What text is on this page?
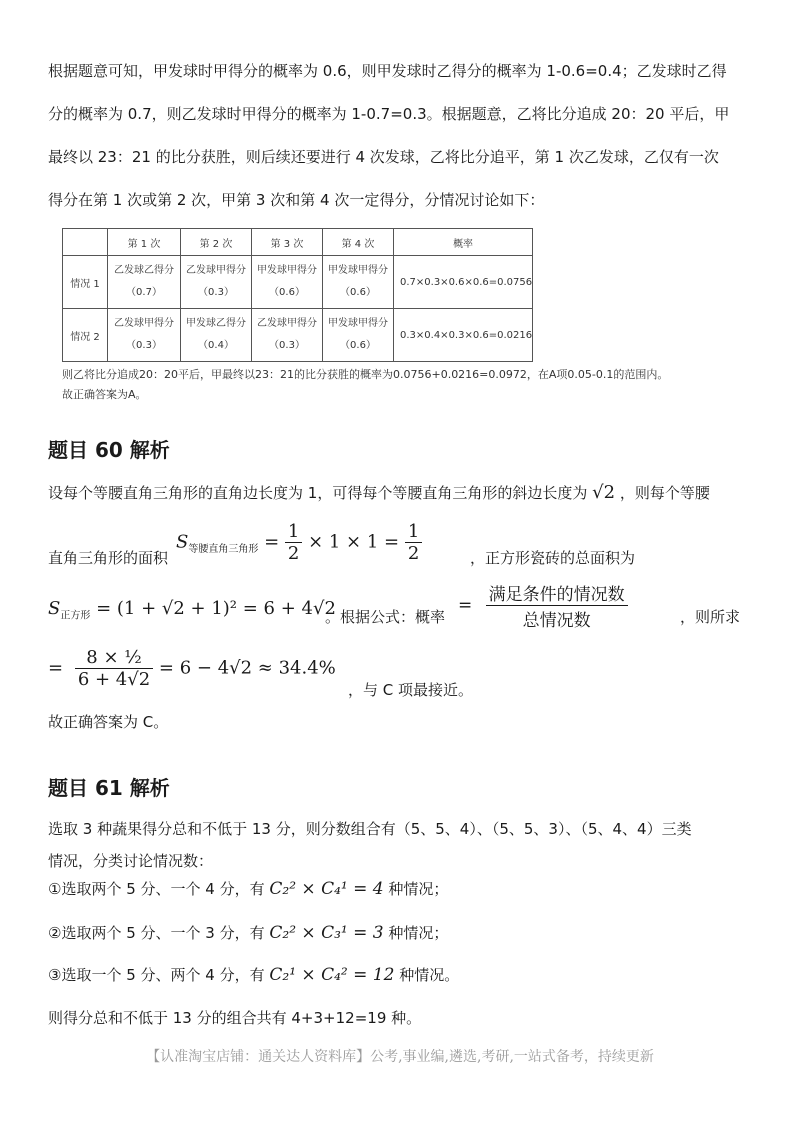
根据题意可知，甲发球时甲得分的概率为 0.6，则甲发球时乙得分的概率为 1-0.6=0.4；乙发球时乙得
分的概率为 0.7，则乙发球时甲得分的概率为 1-0.7=0.3。根据题意，乙将比分追成 20：20 平后，甲
最终以 23：21 的比分获胜，则后续还要进行 4 次发球，乙将比分追平，第 1 次乙发球，乙仅有一次
得分在第 1 次或第 2 次，甲第 3 次和第 4 次一定得分，分情况讨论如下：
	第 1 次	第 2 次	第 3 次	第 4 次	概率
情况 1	乙发球乙得分
（0.7）	乙发球甲得分
（0.3）	甲发球甲得分
（0.6）	甲发球甲得分
（0.6）	0.7×0.3×0.6×0.6=0.0756
情况 2	乙发球甲得分
（0.3）	甲发球乙得分
（0.4）	乙发球甲得分
（0.3）	甲发球甲得分
（0.6）	0.3×0.4×0.3×0.6=0.0216
则乙将比分追成20：20平后，甲最终以23：21的比分获胜的概率为0.0756+0.0216=0.0972，在A项0.05-0.1的范围内。
故正确答案为A。
题目 60 解析
设每个等腰直角三角形的直角边长度为 1，可得每个等腰直角三角形的斜边长度为 √2 ，则每个等腰
直角三角形的面积
$S_{等腰直角三角形} = \frac{1}{2} \times 1 \times 1 = \frac{1}{2}$	，正方形瓷砖的总面积为
$S_{正方形} = (1 + √2 + 1)^2 = 6 + 4√2$
。根据公式：概率
= $\frac{\text{满足条件的情况数}}{\text{总情况数}}$	，则所求
= $\frac{\text{8 × ½}}{6 + 4√2} = 6 - 4√2 \approx 34.4\%$
，与 C 项最接近。
故正确答案为 C。
题目 61 解析
选取 3 种蔬果得分总和不低于 13 分，则分数组合有（5、5、4）、（5、5、3）、（5、4、4）三类
情况，分类讨论情况数：
①选取两个 5 分、一个 4 分，有 C₂² × C₄¹ = 4 种情况；
②选取两个 5 分、一个 3 分，有 C₂² × C₃¹ = 3 种情况；
③选取一个 5 分、两个 4 分，有 C₂¹ × C₄² = 12 种情况。
则得分总和不低于 13 分的组合共有 4+3+12=19 种。
【认准淘宝店铺：通关达人资料库】公考,事业编,遴选,考研,一站式备考，持续更新
